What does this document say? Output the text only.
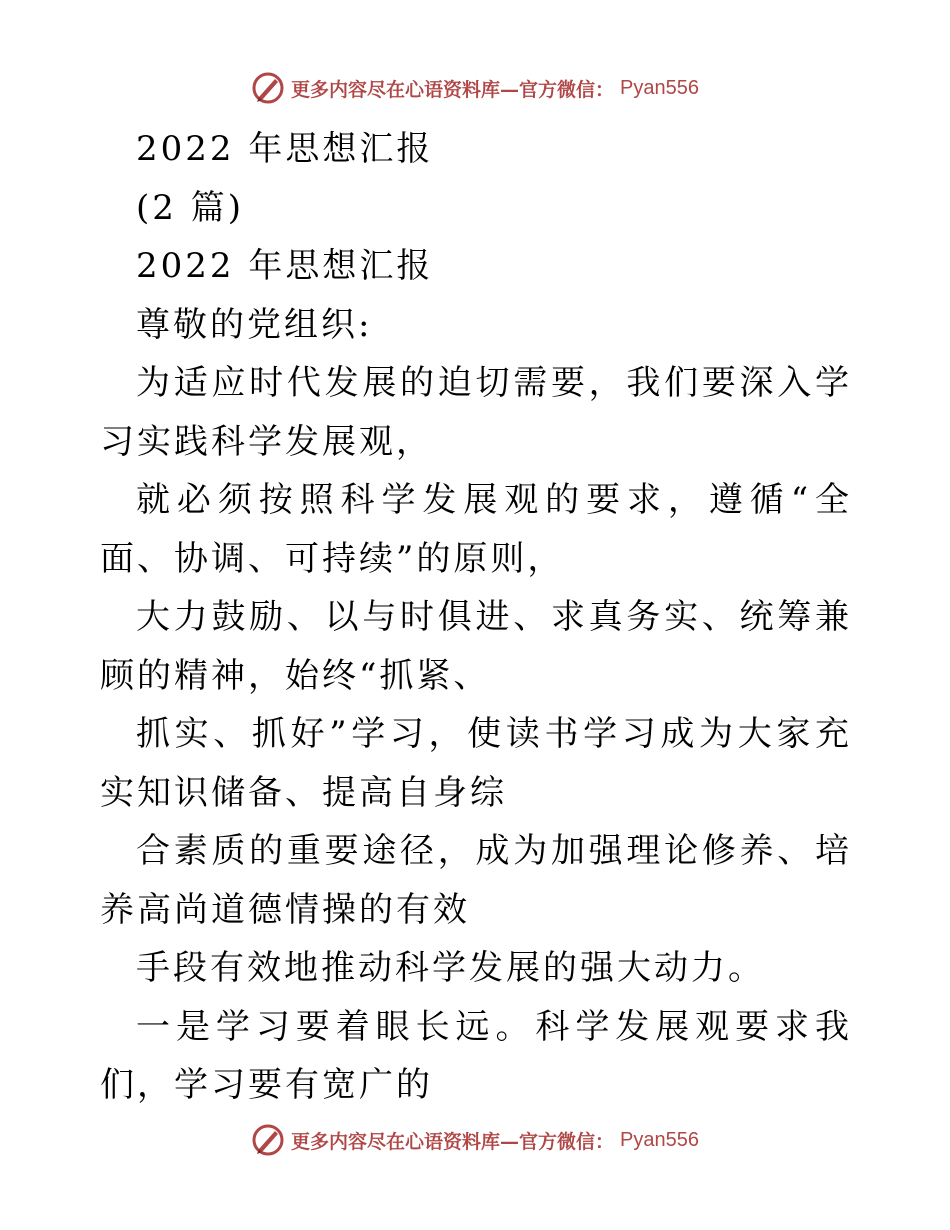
更多内容尽在心语资料库—官方微信： Pyan556

2022 年思想汇报

(2 篇)

2022 年思想汇报

尊敬的党组织:

为适应时代发展的迫切需要，我们要深入学习实践科学发展观，

就必须按照科学发展观的要求，遵循“全面、协调、可持续”的原则，

大力鼓励、以与时俱进、求真务实、统筹兼顾的精神，始终“抓紧、

抓实、抓好”学习，使读书学习成为大家充实知识储备、提高自身综

合素质的重要途径，成为加强理论修养、培养高尚道德情操的有效

手段有效地推动科学发展的强大动力。

一是学习要着眼长远。科学发展观要求我们，学习要有宽广的

更多内容尽在心语资料库—官方微信： Pyan556
